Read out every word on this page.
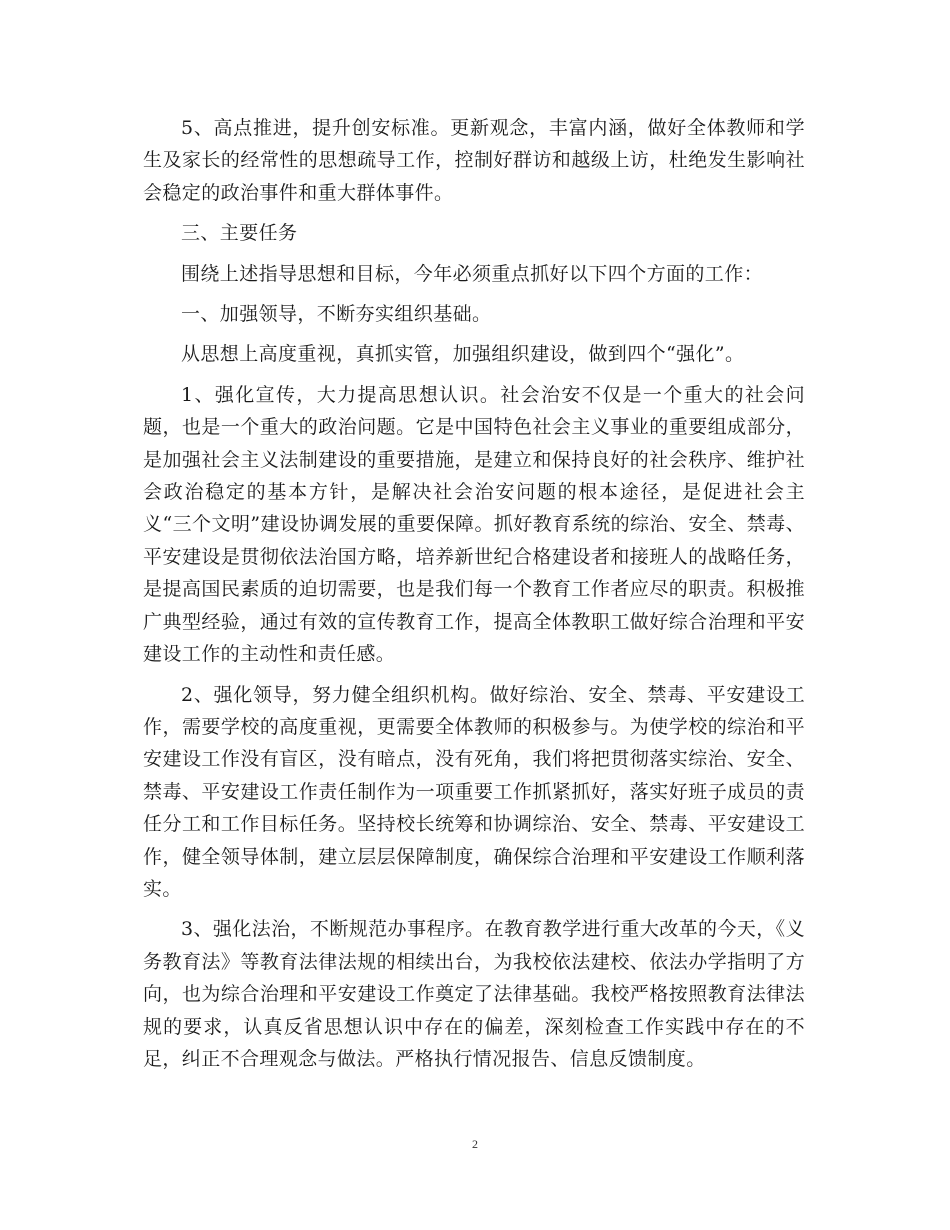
5、高点推进，提升创安标准。更新观念，丰富内涵，做好全体教师和学生及家长的经常性的思想疏导工作，控制好群访和越级上访，杜绝发生影响社会稳定的政治事件和重大群体事件。

三、主要任务

围绕上述指导思想和目标，今年必须重点抓好以下四个方面的工作：

一、加强领导，不断夯实组织基础。

从思想上高度重视，真抓实管，加强组织建设，做到四个“强化”。

1、强化宣传，大力提高思想认识。社会治安不仅是一个重大的社会问题，也是一个重大的政治问题。它是中国特色社会主义事业的重要组成部分，是加强社会主义法制建设的重要措施，是建立和保持良好的社会秩序、维护社会政治稳定的基本方针，是解决社会治安问题的根本途径，是促进社会主义“三个文明”建设协调发展的重要保障。抓好教育系统的综治、安全、禁毒、平安建设是贯彻依法治国方略，培养新世纪合格建设者和接班人的战略任务，是提高国民素质的迫切需要，也是我们每一个教育工作者应尽的职责。积极推广典型经验，通过有效的宣传教育工作，提高全体教职工做好综合治理和平安建设工作的主动性和责任感。

2、强化领导，努力健全组织机构。做好综治、安全、禁毒、平安建设工作，需要学校的高度重视，更需要全体教师的积极参与。为使学校的综治和平安建设工作没有盲区，没有暗点，没有死角，我们将把贯彻落实综治、安全、禁毒、平安建设工作责任制作为一项重要工作抓紧抓好，落实好班子成员的责任分工和工作目标任务。坚持校长统筹和协调综治、安全、禁毒、平安建设工作，健全领导体制，建立层层保障制度，确保综合治理和平安建设工作顺利落实。

3、强化法治，不断规范办事程序。在教育教学进行重大改革的今天，《义务教育法》等教育法律法规的相续出台，为我校依法建校、依法办学指明了方向，也为综合治理和平安建设工作奠定了法律基础。我校严格按照教育法律法规的要求，认真反省思想认识中存在的偏差，深刻检查工作实践中存在的不足，纠正不合理观念与做法。严格执行情况报告、信息反馈制度。

2
